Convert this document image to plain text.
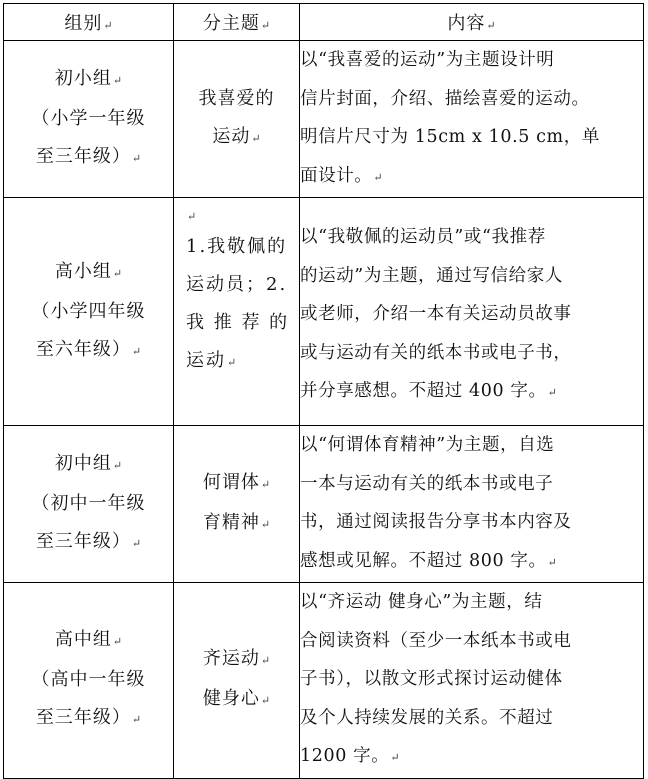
组别↵	分主题↵	内容↵

初小组↵
（小学一年级
至三年级）↵	我喜爱的
运动↵	以“我喜爱的运动”为主题设计明
信片封面，介绍、描绘喜爱的运动。
明信片尺寸为 15cm x 10.5 cm，单
面设计。↵

高小组↵
（小学四年级
至六年级）↵	↵
1.我敬佩的
运动员；2.
我 推 荐 的
运动↵	以“我敬佩的运动员”或“我推荐
的运动”为主题，通过写信给家人
或老师，介绍一本有关运动员故事
或与运动有关的纸本书或电子书，
并分享感想。不超过 400 字。↵

初中组↵
（初中一年级
至三年级）↵	何谓体↵
育精神↵	以“何谓体育精神”为主题，自选
一本与运动有关的纸本书或电子
书，通过阅读报告分享书本内容及
感想或见解。不超过 800 字。↵

高中组↵
（高中一年级
至三年级）↵	齐运动↵
健身心↵	以“齐运动 健身心”为主题，结
合阅读资料（至少一本纸本书或电
子书），以散文形式探讨运动健体
及个人持续发展的关系。不超过
1200 字。↵
